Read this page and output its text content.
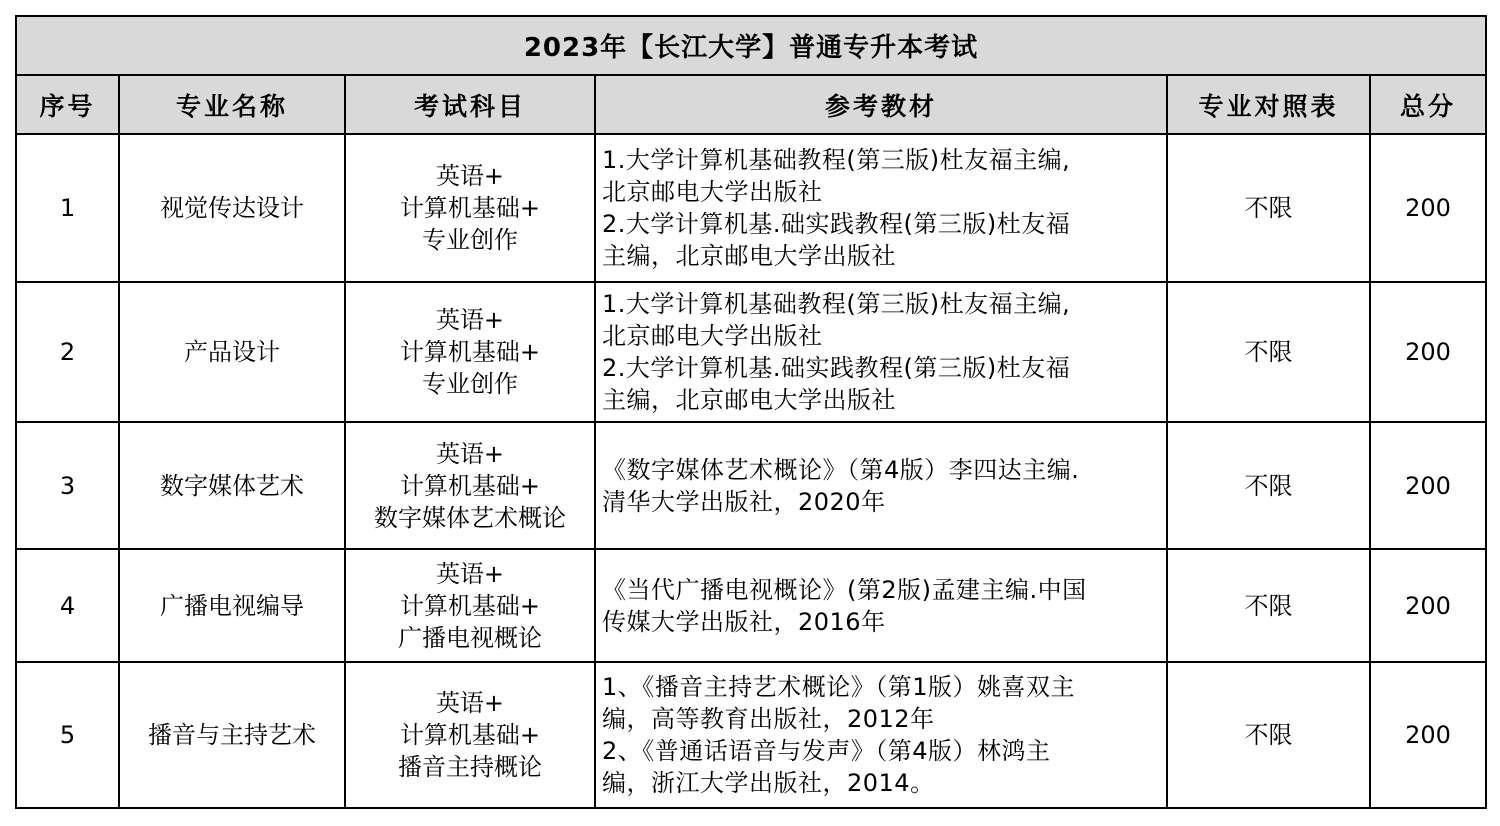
2023年【长江大学】普通专升本考试					
序号	专业名称	考试科目	参考教材	专业对照表	总分
1	视觉传达设计	英语+
计算机基础+
专业创作	1.大学计算机基础教程(第三版)杜友福主编,
北京邮电大学出版社
2.大学计算机基.础实践教程(第三版)杜友福
主编，北京邮电大学出版社	不限	200
2	产品设计	英语+
计算机基础+
专业创作	1.大学计算机基础教程(第三版)杜友福主编,
北京邮电大学出版社
2.大学计算机基.础实践教程(第三版)杜友福
主编，北京邮电大学出版社	不限	200
3	数字媒体艺术	英语+
计算机基础+
数字媒体艺术概论	《数字媒体艺术概论》（第4版）李四达主编.
清华大学出版社，2020年	不限	200
4	广播电视编导	英语+
计算机基础+
广播电视概论	《当代广播电视概论》(第2版)孟建主编.中国
传媒大学出版社，2016年	不限	200
5	播音与主持艺术	英语+
计算机基础+
播音主持概论	1、《播音主持艺术概论》（第1版）姚喜双主
编，高等教育出版社，2012年
2、《普通话语音与发声》（第4版）林鸿主
编，浙江大学出版社，2014。	不限	200
